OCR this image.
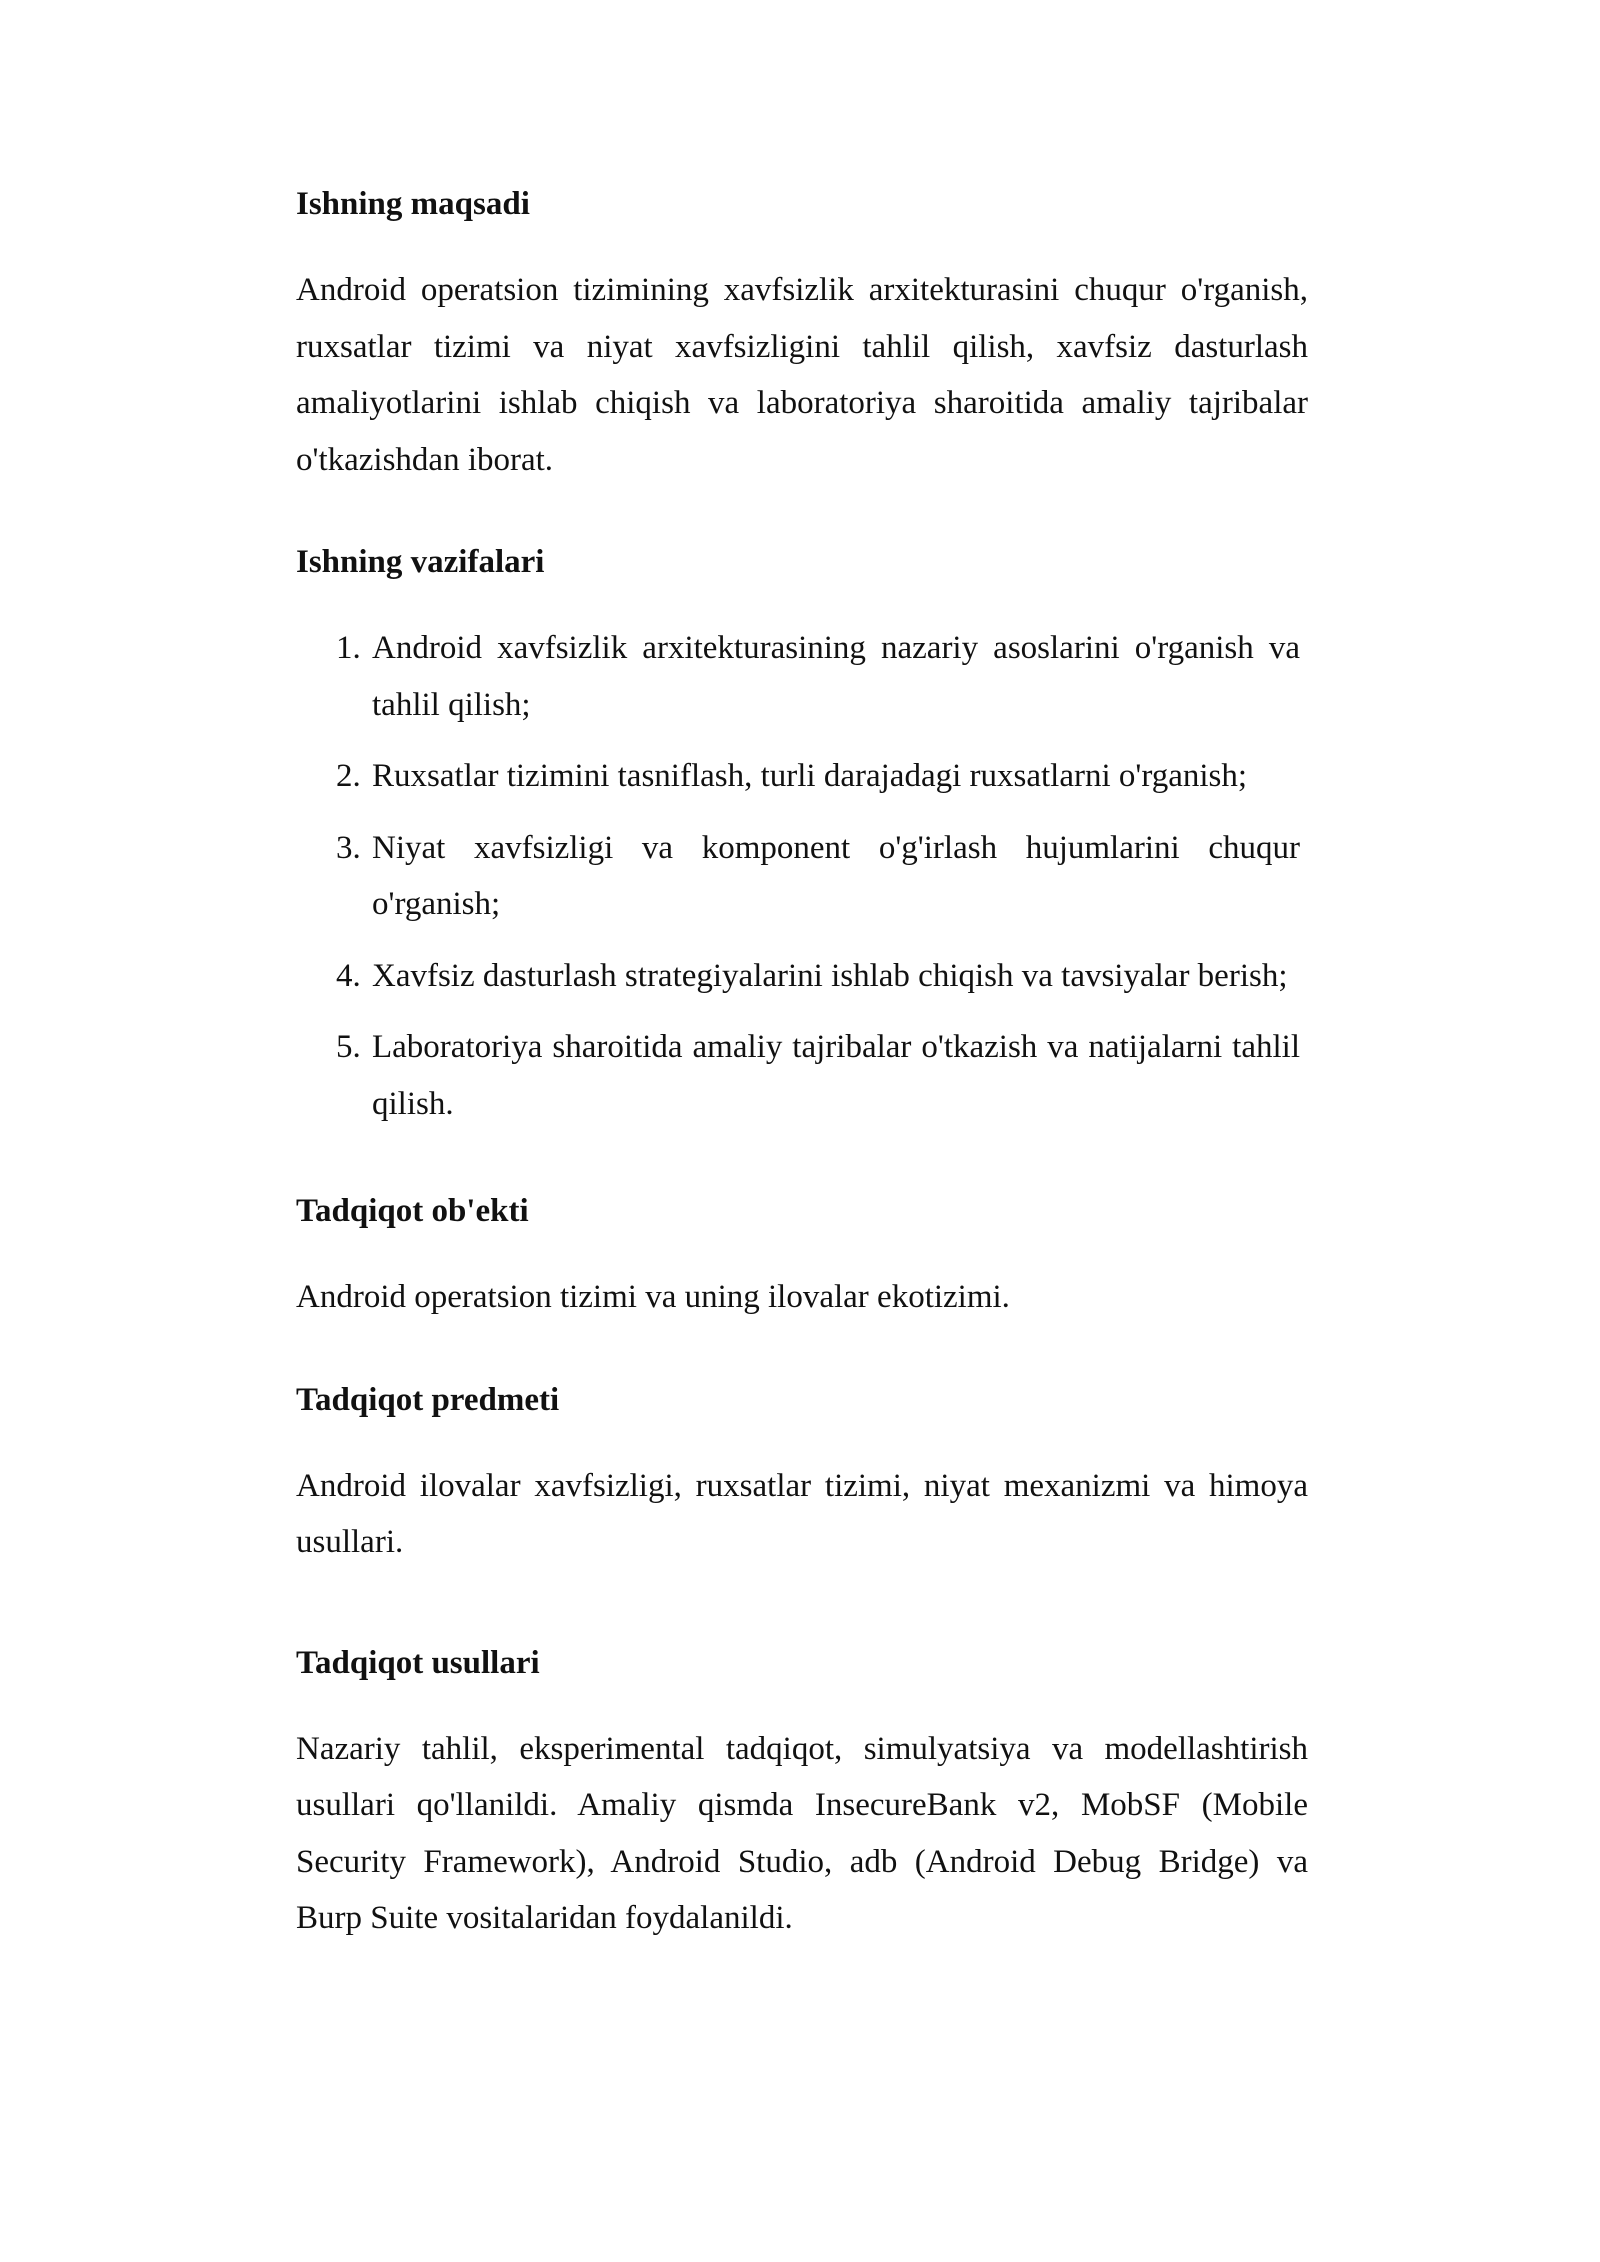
Ishning maqsadi

Android operatsion tizimining xavfsizlik arxitekturasini chuqur o'rganish, ruxsatlar tizimi va niyat xavfsizligini tahlil qilish, xavfsiz dasturlash amaliyotlarini ishlab chiqish va laboratoriya sharoitida amaliy tajribalar o'tkazishdan iborat.

Ishning vazifalari
1. Android xavfsizlik arxitekturasining nazariy asoslarini o'rganish va tahlil qilish;
2. Ruxsatlar tizimini tasniflash, turli darajadagi ruxsatlarni o'rganish;
3. Niyat xavfsizligi va komponent o'g'irlash hujumlarini chuqur o'rganish;
4. Xavfsiz dasturlash strategiyalarini ishlab chiqish va tavsiyalar berish;
5. Laboratoriya sharoitida amaliy tajribalar o'tkazish va natijalarni tahlil qilish.
Tadqiqot ob'ekti

Android operatsion tizimi va uning ilovalar ekotizimi.

Tadqiqot predmeti

Android ilovalar xavfsizligi, ruxsatlar tizimi, niyat mexanizmi va himoya usullari.

Tadqiqot usullari

Nazariy tahlil, eksperimental tadqiqot, simulyatsiya va modellashtirish usullari qo'llanildi. Amaliy qismda InsecureBank v2, MobSF (Mobile Security Framework), Android Studio, adb (Android Debug Bridge) va Burp Suite vositalaridan foydalanildi.
